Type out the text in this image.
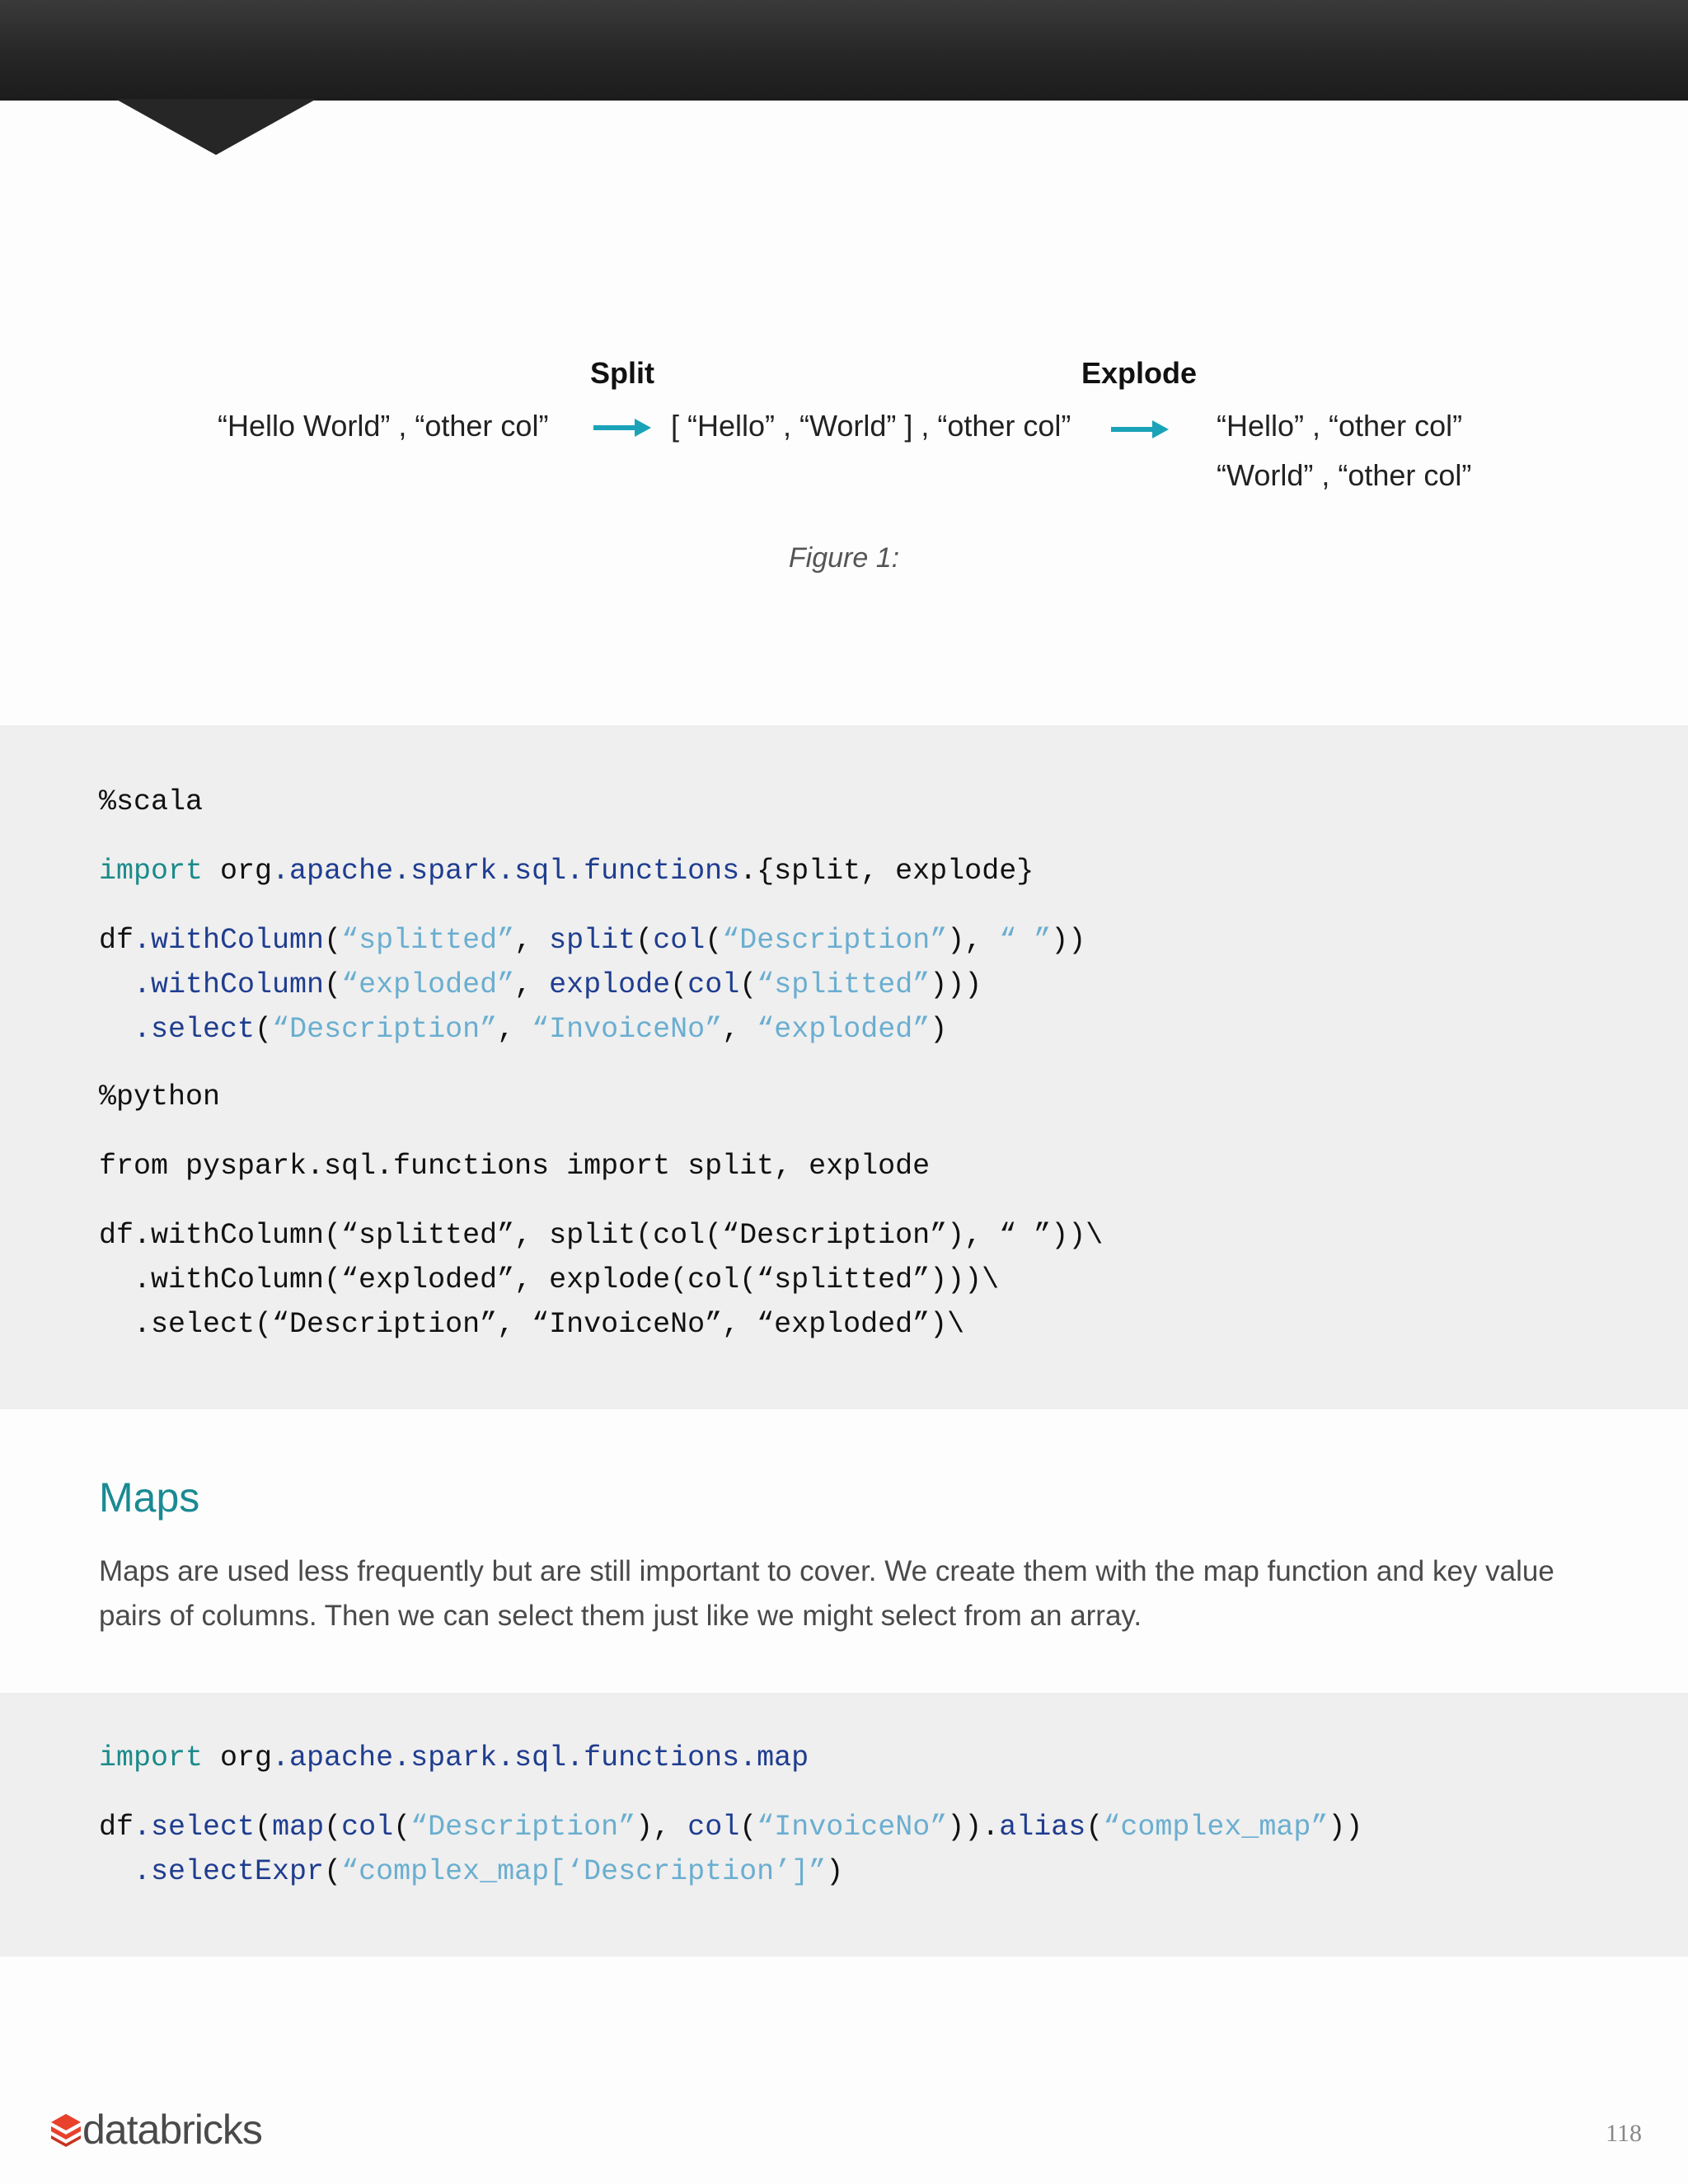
Split	Explode
“Hello World” , “other col”	[ “Hello” , “World” ] , “other col”	“Hello” , “other col”
“World” , “other col”
Figure 1:
%scala
import org.apache.spark.sql.functions.{split, explode}
df.withColumn(“splitted”, split(col(“Description”), “ ”))
.withColumn(“exploded”, explode(col(“splitted”)))
.select(“Description”, “InvoiceNo”, “exploded”)
%python
from pyspark.sql.functions import split, explode
df.withColumn(“splitted”, split(col(“Description”), “ ”))\
.withColumn(“exploded”, explode(col(“splitted”)))\
.select(“Description”, “InvoiceNo”, “exploded”)\
Maps
Maps are used less frequently but are still important to cover. We create them with the map function and key value pairs of columns. Then we can select them just like we might select from an array.
import org.apache.spark.sql.functions.map
df.select(map(col(“Description”), col(“InvoiceNo”)).alias(“complex_map”))
.selectExpr(“complex_map[‘Description’]”)
databricks	118
